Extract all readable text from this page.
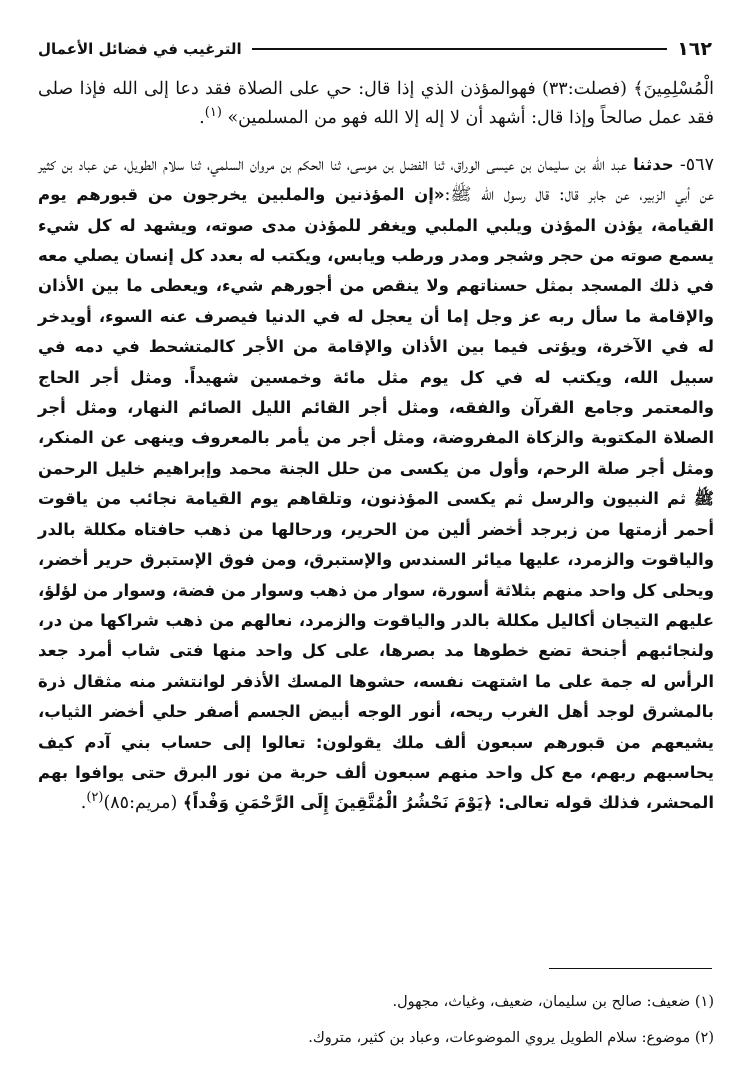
١٦٢
الترغيب في فضائل الأعمال

الْمُسْلِمِينَ﴾ (فصلت:٣٣) فهوالمؤذن الذي إذا قال: حي على الصلاة فقد دعا إلى الله فإذا صلى فقد عمل صالحاً وإذا قال: أشهد أن لا إله إلا الله فهو من المسلمين» $^{(١)}$.

٥٦٧- حدثنا عبد الله بن سليمان بن عيسى الوراق، ثنا الفضل بن موسى، ثنا الحكم بن مروان السلمي، ثنا سلام الطويل، عن عباد بن كثير عن أبي الزبير، عن جابر قال: قال رسول الله ﷺ:«إن المؤذنين والملبين يخرجون من قبورهم يوم القيامة، يؤذن المؤذن ويلبي الملبي ويغفر للمؤذن مدى صوته، ويشهد له كل شيء يسمع صوته من حجر وشجر ومدر ورطب ويابس، ويكتب له بعدد كل إنسان يصلي معه في ذلك المسجد بمثل حسناتهم ولا ينقص من أجورهم شيء، ويعطى ما بين الأذان والإقامة ما سأل ربه عز وجل إما أن يعجل له في الدنيا فيصرف عنه السوء، أويدخر له في الآخرة، ويؤتى فيما بين الأذان والإقامة من الأجر كالمتشحط في دمه في سبيل الله، ويكتب له في كل يوم مثل مائة وخمسين شهيداً. ومثل أجر الحاج والمعتمر وجامع القرآن والفقه، ومثل أجر القائم الليل الصائم النهار، ومثل أجر الصلاة المكتوبة والزكاة المفروضة، ومثل أجر من يأمر بالمعروف وينهى عن المنكر، ومثل أجر صلة الرحم، وأول من يكسى من حلل الجنة محمد وإبراهيم خليل الرحمن ﷺ ثم النبيون والرسل ثم يكسى المؤذنون، وتلقاهم يوم القيامة نجائب من ياقوت أحمر أزمتها من زبرجد أخضر ألين من الحرير، ورحالها من ذهب حافتاه مكللة بالدر والياقوت والزمرد، عليها ميائر السندس والإستبرق، ومن فوق الإستبرق حرير أخضر، ويحلى كل واحد منهم بثلاثة أسورة، سوار من ذهب وسوار من فضة، وسوار من لؤلؤ، عليهم التيجان أكاليل مكللة بالدر والياقوت والزمرد، نعالهم من ذهب شراكها من در، ولنجائبهم أجنحة تضع خطوها مد بصرها، على كل واحد منها فتى شاب أمرد جعد الرأس له جمة على ما اشتهت نفسه، حشوها المسك الأذفر لوانتشر منه مثقال ذرة بالمشرق لوجد أهل الغرب ريحه، أنور الوجه أبيض الجسم أصفر حلي أخضر الثياب، يشيعهم من قبورهم سبعون ألف ملك يقولون: تعالوا إلى حساب بني آدم كيف يحاسبهم ربهم، مع كل واحد منهم سبعون ألف حربة من نور البرق حتى يوافوا بهم المحشر، فذلك قوله تعالى: ﴿يَوْمَ نَحْشُرُ الْمُتَّقِينَ إِلَى الرَّحْمَنِ وَفْداً﴾ (مريم:٨٥)$^{(٢)}$.

(١) ضعيف: صالح بن سليمان، ضعيف، وغياث، مجهول.

(٢) موضوع: سلام الطويل يروي الموضوعات، وعباد بن كثير، متروك.
